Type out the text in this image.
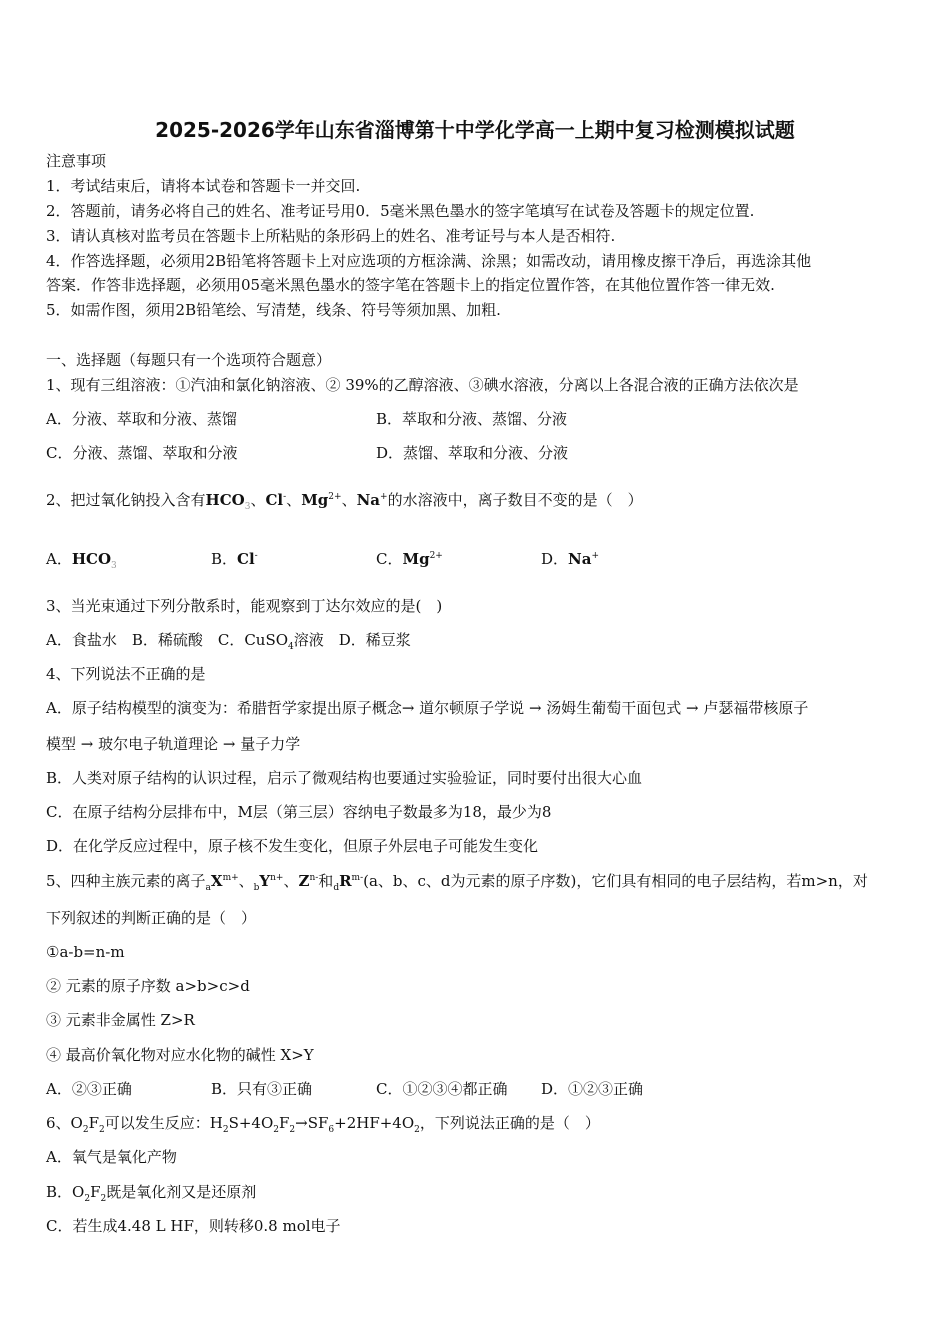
2025-2026学年山东省淄博第十中学化学高一上期中复习检测模拟试题
注意事项
1．考试结束后，请将本试卷和答题卡一并交回.
2．答题前，请务必将自己的姓名、准考证号用0．5毫米黑色墨水的签字笔填写在试卷及答题卡的规定位置.
3．请认真核对监考员在答题卡上所粘贴的条形码上的姓名、准考证号与本人是否相符.
4．作答选择题，必须用2B铅笔将答题卡上对应选项的方框涂满、涂黑；如需改动，请用橡皮擦干净后，再选涂其他
答案．作答非选择题，必须用05毫米黑色墨水的签字笔在答题卡上的指定位置作答，在其他位置作答一律无效.
5．如需作图，须用2B铅笔绘、写清楚，线条、符号等须加黑、加粗.
一、选择题（每题只有一个选项符合题意）
1、现有三组溶液：①汽油和氯化钠溶液、② 39%的乙醇溶液、③碘水溶液，分离以上各混合液的正确方法依次是
A．分液、萃取和分液、蒸馏	B．萃取和分液、蒸馏、分液
C．分液、蒸馏、萃取和分液	D．蒸馏、萃取和分液、分液
2、把过氧化钠投入含有$HCO_3$、Cl-、$Mg^{2+}$、Na+的水溶液中，离子数目不变的是（　）
A．$HCO_3$	B．Cl-	C．$Mg^{2+}$	D．Na+
3、当光束通过下列分散系时，能观察到丁达尔效应的是(　)
A．食盐水　B．稀硫酸　C．CuSO$_4$溶液　D．稀豆浆
4、下列说法不正确的是
A．原子结构模型的演变为：希腊哲学家提出原子概念→ 道尔顿原子学说 → 汤姆生葡萄干面包式 → 卢瑟福带核原子
模型 → 玻尔电子轨道理论 → 量子力学
B．人类对原子结构的认识过程，启示了微观结构也要通过实验验证，同时要付出很大心血
C．在原子结构分层排布中，M层（第三层）容纳电子数最多为18，最少为8
D．在化学反应过程中，原子核不发生变化，但原子外层电子可能发生变化
5、四种主族元素的离子$_aX^{m+}$、$_bY^{n+}$、$Z^{n-}$和$_dR^{m-}(a$、b、c、d为元素的原子序数)，它们具有相同的电子层结构，若m>n，对
下列叙述的判断正确的是（　）
①a-b=n-m
② 元素的原子序数 a>b>c>d
③ 元素非金属性 Z>R
④ 最高价氧化物对应水化物的碱性 X>Y
A．②③正确	B．只有③正确	C．①②③④都正确 D．①②③正确
6、$O_2F_2$可以发生反应：$H_2S+4O_2F_2\to SF_6+2HF+4O_2$，下列说法正确的是（　）
A．氧气是氧化产物
B．$O_2F_2$既是氧化剂又是还原剂
C．若生成4.48 L HF，则转移0.8 mol电子
